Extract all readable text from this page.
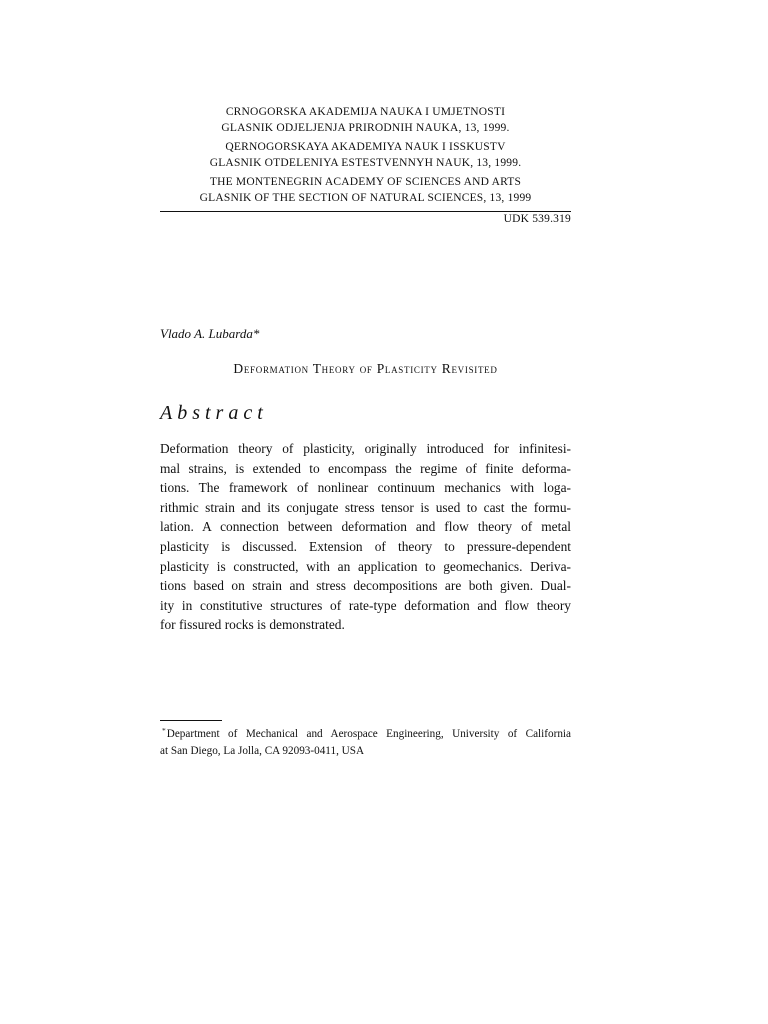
CRNOGORSKA AKADEMIJA NAUKA I UMJETNOSTI
GLASNIK ODJELJENJA PRIRODNIH NAUKA, 13, 1999.
QERNOGORSKAYA AKADEMIYA NAUK I ISSKUSTV
GLASNIK OTDELENIYA ESTESTVENNYH NAUK, 13, 1999.
THE MONTENEGRIN ACADEMY OF SCIENCES AND ARTS
GLASNIK OF THE SECTION OF NATURAL SCIENCES, 13, 1999
UDK 539.319
Vlado A. Lubarda*
Deformation Theory of Plasticity Revisited
Abstract
Deformation theory of plasticity, originally introduced for infinitesi-
mal strains, is extended to encompass the regime of finite deforma-
tions. The framework of nonlinear continuum mechanics with loga-
rithmic strain and its conjugate stress tensor is used to cast the formu-
lation. A connection between deformation and flow theory of metal
plasticity is discussed. Extension of theory to pressure-dependent
plasticity is constructed, with an application to geomechanics. Deriva-
tions based on strain and stress decompositions are both given. Dual-
ity in constitutive structures of rate-type deformation and flow theory
for fissured rocks is demonstrated.
*Department of Mechanical and Aerospace Engineering, University of California
at San Diego, La Jolla, CA 92093-0411, USA
